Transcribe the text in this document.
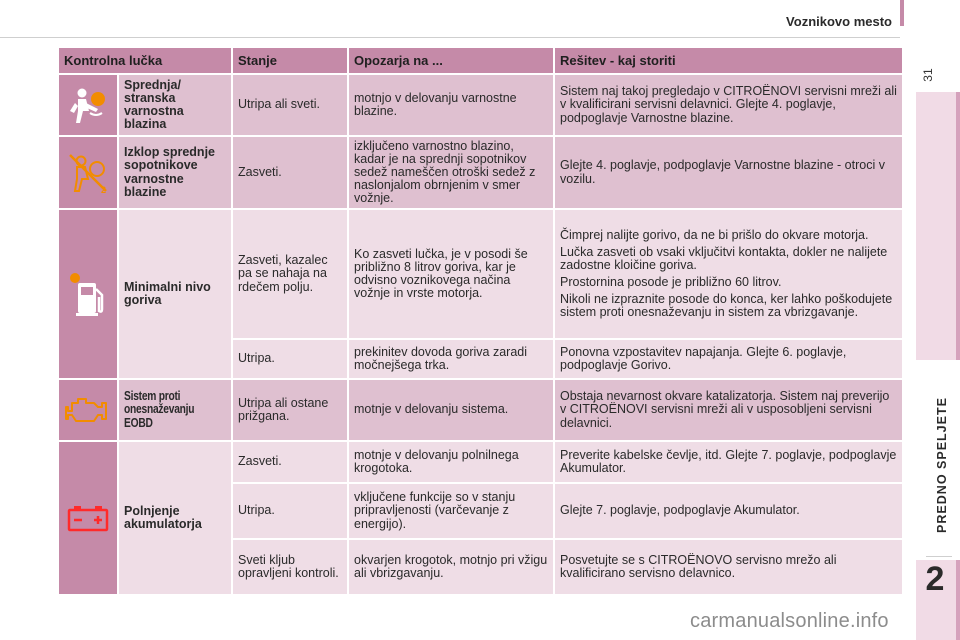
Voznikovo mesto
31
PREDNO SPELJETE
2
Kontrolna lučka		Stanje	Opozarja na ...	Rešitev - kaj storiti

	Sprednja/ stranska varnostna blazina	Utripa ali sveti.	motnjo v delovanju varnostne blazine.	Sistem naj takoj pregledajo v CITROËNOVI servisni mreži ali v kvalificirani servisni delavnici. Glejte 4. poglavje, podpoglavje Varnostne blazine.

2	Izklop sprednje sopotnikove varnostne blazine	Zasveti.	izključeno varnostno blazino, kadar je na sprednji sopotnikov sedež nameščen otroški sedež z naslonjalom obrnjenim v smer vožnje.	Glejte 4. poglavje, podpoglavje Varnostne blazine - otroci v vozilu.

	Minimalni nivo goriva	Zasveti, kazalec pa se nahaja na rdečem polju.	Ko zasveti lučka, je v posodi še približno 8 litrov goriva, kar je odvisno voznikovega načina vožnje in vrste motorja.	Čimprej nalijte gorivo, da ne bi prišlo do okvare motorja.

Lučka zasveti ob vsaki vključitvi kontakta, dokler ne nalijete zadostne kloičine goriva.

Prostornina posode je približno 60 litrov.

Nikoli ne izpraznite posode do konca, ker lahko poškodujete sistem proti onesnaževanju in sistem za vbrizgavanje.

		Utripa.	prekinitev dovoda goriva zaradi močnejšega trka.	Ponovna vzpostavitev napajanja. Glejte 6. poglavje, podpoglavje Gorivo.

	Sistem proti onesnaževanju EOBD	Utripa ali ostane prižgana.	motnje v delovanju sistema.	Obstaja nevarnost okvare katalizatorja. Sistem naj preverijo v CITROËNOVI servisni mreži ali v usposobljeni servisni delavnici.

	Polnjenje akumulatorja	Zasveti.	motnje v delovanju polnilnega krogotoka.	Preverite kabelske čevlje, itd. Glejte 7. poglavje, podpoglavje Akumulator.

		Utripa.	vključene funkcije so v stanju pripravljenosti (varčevanje z energijo).	Glejte 7. poglavje, podpoglavje Akumulator.

		Sveti kljub opravljeni kontroli.	okvarjen krogotok, motnjo pri vžigu ali vbrizgavanju.	Posvetujte se s CITROËNOVO servisno mrežo ali kvalificirano servisno delavnico.

carmanualsonline.info
